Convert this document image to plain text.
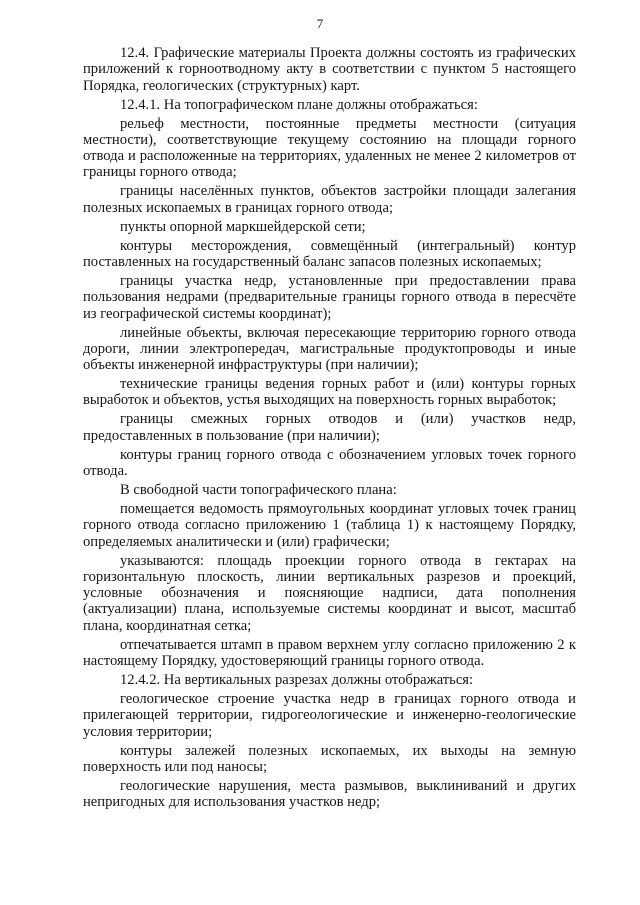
7

12.4. Графические материалы Проекта должны состоять из графических приложений к горноотводному акту в соответствии с пунктом 5 настоящего Порядка, геологических (структурных) карт.

12.4.1. На топографическом плане должны отображаться:

рельеф местности, постоянные предметы местности (ситуация местности), соответствующие текущему состоянию на площади горного отвода и расположенные на территориях, удаленных не менее 2 километров от границы горного отвода;

границы населённых пунктов, объектов застройки площади залегания полезных ископаемых в границах горного отвода;

пункты опорной маркшейдерской сети;

контуры месторождения, совмещённый (интегральный) контур поставленных на государственный баланс запасов полезных ископаемых;

границы участка недр, установленные при предоставлении права пользования недрами (предварительные границы горного отвода в пересчёте из географической системы координат);

линейные объекты, включая пересекающие территорию горного отвода дороги, линии электропередач, магистральные продуктопроводы и иные объекты инженерной инфраструктуры (при наличии);

технические границы ведения горных работ и (или) контуры горных выработок и объектов, устья выходящих на поверхность горных выработок;

границы смежных горных отводов и (или) участков недр, предоставленных в пользование (при наличии);

контуры границ горного отвода с обозначением угловых точек горного отвода.

В свободной части топографического плана:

помещается ведомость прямоугольных координат угловых точек границ горного отвода согласно приложению 1 (таблица 1) к настоящему Порядку, определяемых аналитически и (или) графически;

указываются: площадь проекции горного отвода в гектарах на горизонтальную плоскость, линии вертикальных разрезов и проекций, условные обозначения и поясняющие надписи, дата пополнения (актуализации) плана, используемые системы координат и высот, масштаб плана, координатная сетка;

отпечатывается штамп в правом верхнем углу согласно приложению 2 к настоящему Порядку, удостоверяющий границы горного отвода.

12.4.2. На вертикальных разрезах должны отображаться:

геологическое строение участка недр в границах горного отвода и прилегающей территории, гидрогеологические и инженерно-геологические условия территории;

контуры залежей полезных ископаемых, их выходы на земную поверхность или под наносы;

геологические нарушения, места размывов, выклиниваний и других непригодных для использования участков недр;
